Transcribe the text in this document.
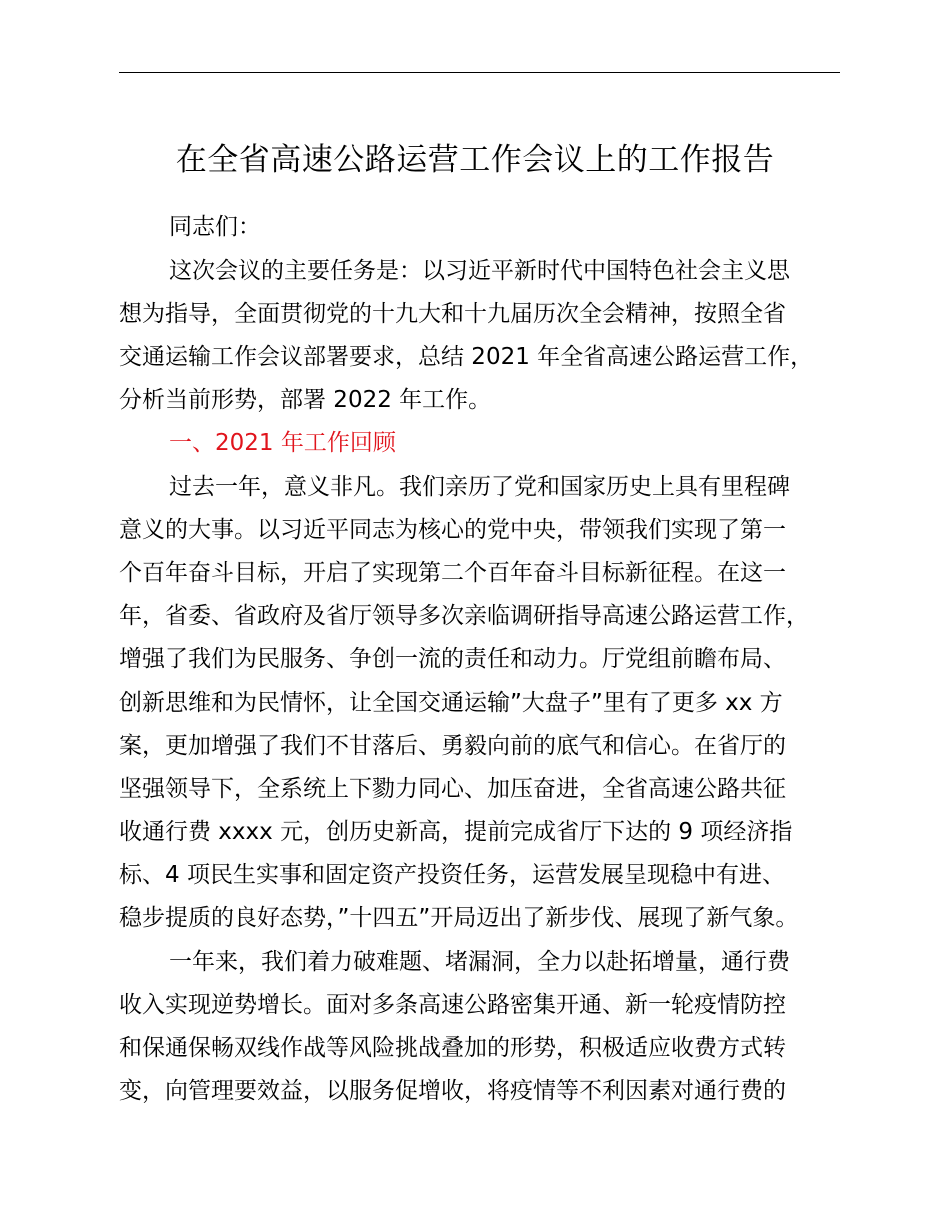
在全省高速公路运营工作会议上的工作报告
同志们：
这次会议的主要任务是：以习近平新时代中国特色社会主义思
想为指导，全面贯彻党的十九大和十九届历次全会精神，按照全省
交通运输工作会议部署要求，总结 2021 年全省高速公路运营工作，
分析当前形势，部署 2022 年工作。
一、2021 年工作回顾
过去一年，意义非凡。我们亲历了党和国家历史上具有里程碑
意义的大事。以习近平同志为核心的党中央，带领我们实现了第一
个百年奋斗目标，开启了实现第二个百年奋斗目标新征程。在这一
年，省委、省政府及省厅领导多次亲临调研指导高速公路运营工作，
增强了我们为民服务、争创一流的责任和动力。厅党组前瞻布局、
创新思维和为民情怀，让全国交通运输”大盘子”里有了更多 xx 方
案，更加增强了我们不甘落后、勇毅向前的底气和信心。在省厅的
坚强领导下，全系统上下勠力同心、加压奋进，全省高速公路共征
收通行费 xxxx 元，创历史新高，提前完成省厅下达的 9 项经济指
标、4 项民生实事和固定资产投资任务，运营发展呈现稳中有进、
稳步提质的良好态势，”十四五”开局迈出了新步伐、展现了新气象。
一年来，我们着力破难题、堵漏洞，全力以赴拓增量，通行费
收入实现逆势增长。面对多条高速公路密集开通、新一轮疫情防控
和保通保畅双线作战等风险挑战叠加的形势，积极适应收费方式转
变，向管理要效益，以服务促增收，将疫情等不利因素对通行费的
